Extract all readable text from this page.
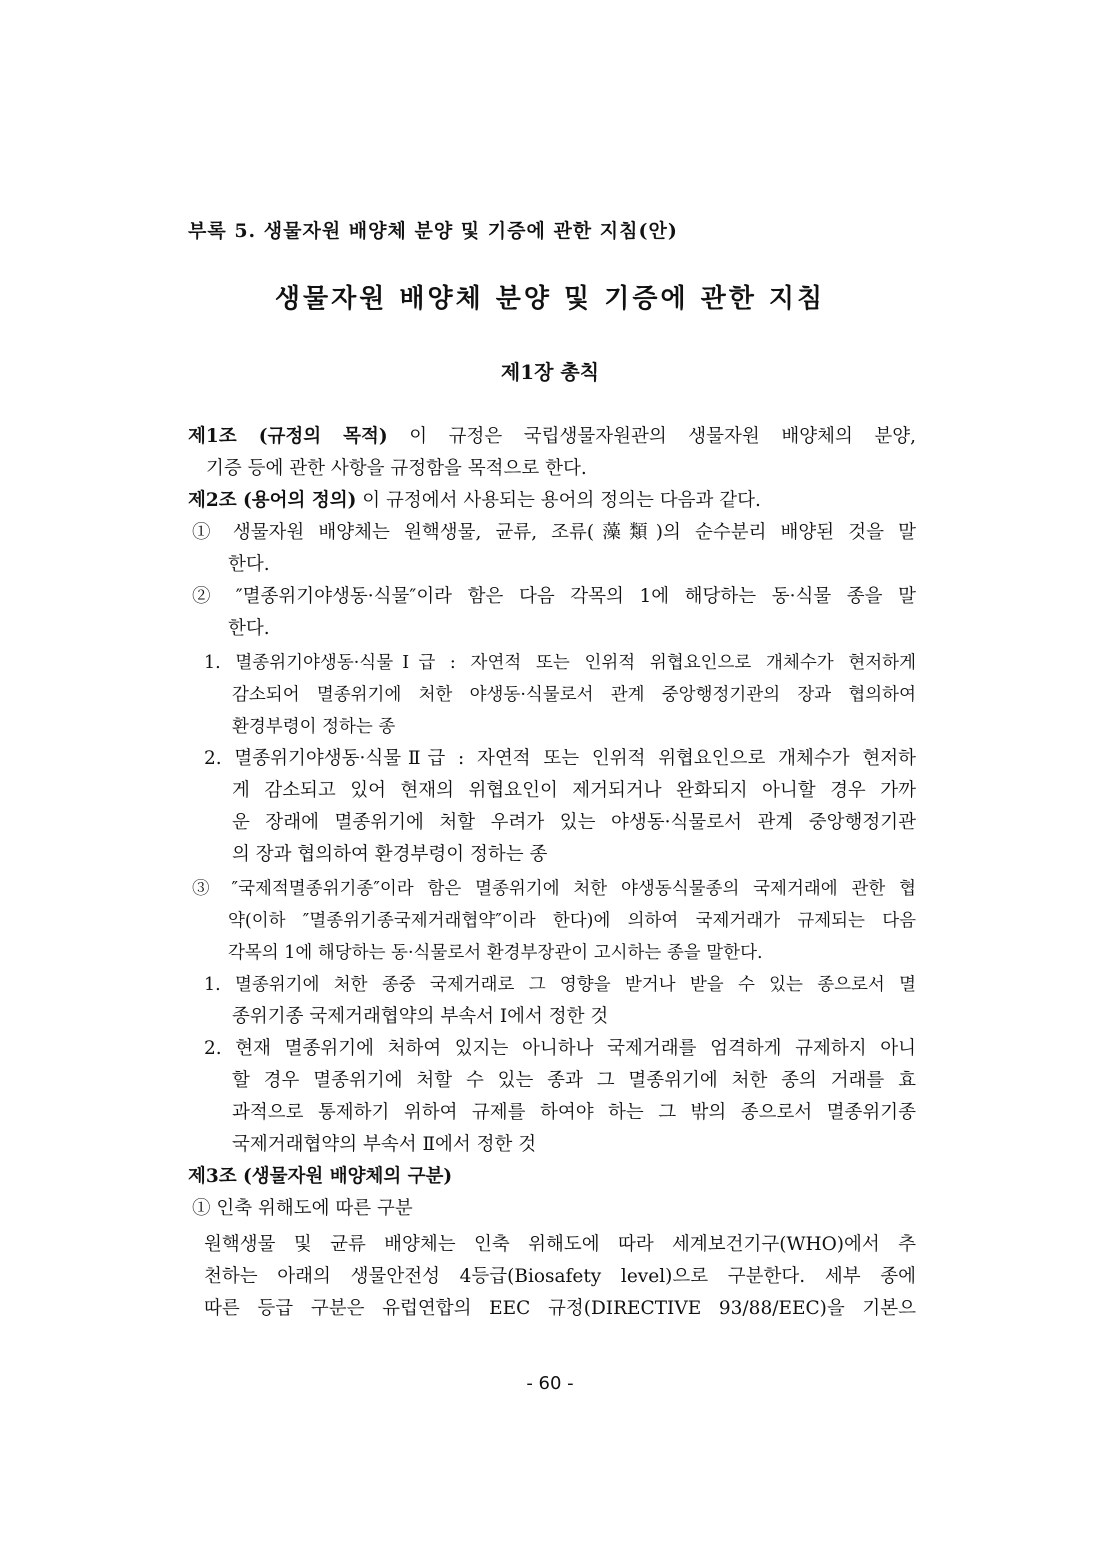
부록 5. 생물자원 배양체 분양 및 기증에 관한 지침(안)
생물자원 배양체 분양 및 기증에 관한 지침
제1장 총칙
제1조 (규정의 목적) 이 규정은 국립생물자원관의 생물자원 배양체의 분양,
기증 등에 관한 사항을 규정함을 목적으로 한다.
제2조 (용어의 정의) 이 규정에서 사용되는 용어의 정의는 다음과 같다.
① 생물자원 배양체는 원핵생물, 균류, 조류(藻類)의 순수분리 배양된 것을 말
한다.
② ″멸종위기야생동·식물″이라 함은 다음 각목의 1에 해당하는 동·식물 종을 말
한다.
1. 멸종위기야생동·식물Ⅰ급 : 자연적 또는 인위적 위협요인으로 개체수가 현저하게
감소되어 멸종위기에 처한 야생동·식물로서 관계 중앙행정기관의 장과 협의하여
환경부령이 정하는 종
2. 멸종위기야생동·식물Ⅱ급 : 자연적 또는 인위적 위협요인으로 개체수가 현저하
게 감소되고 있어 현재의 위협요인이 제거되거나 완화되지 아니할 경우 가까
운 장래에 멸종위기에 처할 우려가 있는 야생동·식물로서 관계 중앙행정기관
의 장과 협의하여 환경부령이 정하는 종
③ ″국제적멸종위기종″이라 함은 멸종위기에 처한 야생동식물종의 국제거래에 관한 협
약(이하 ″멸종위기종국제거래협약″이라 한다)에 의하여 국제거래가 규제되는 다음
각목의 1에 해당하는 동·식물로서 환경부장관이 고시하는 종을 말한다.
1. 멸종위기에 처한 종중 국제거래로 그 영향을 받거나 받을 수 있는 종으로서 멸
종위기종 국제거래협약의 부속서 Ⅰ에서 정한 것
2. 현재 멸종위기에 처하여 있지는 아니하나 국제거래를 엄격하게 규제하지 아니
할 경우 멸종위기에 처할 수 있는 종과 그 멸종위기에 처한 종의 거래를 효
과적으로 통제하기 위하여 규제를 하여야 하는 그 밖의 종으로서 멸종위기종
국제거래협약의 부속서 Ⅱ에서 정한 것
제3조 (생물자원 배양체의 구분)
① 인축 위해도에 따른 구분
원핵생물 및 균류 배양체는 인축 위해도에 따라 세계보건기구(WHO)에서 추
천하는 아래의 생물안전성 4등급(Biosafety level)으로 구분한다. 세부 종에
따른 등급 구분은 유럽연합의 EEC 규정(DIRECTIVE 93/88/EEC)을 기본으
- 60 -
